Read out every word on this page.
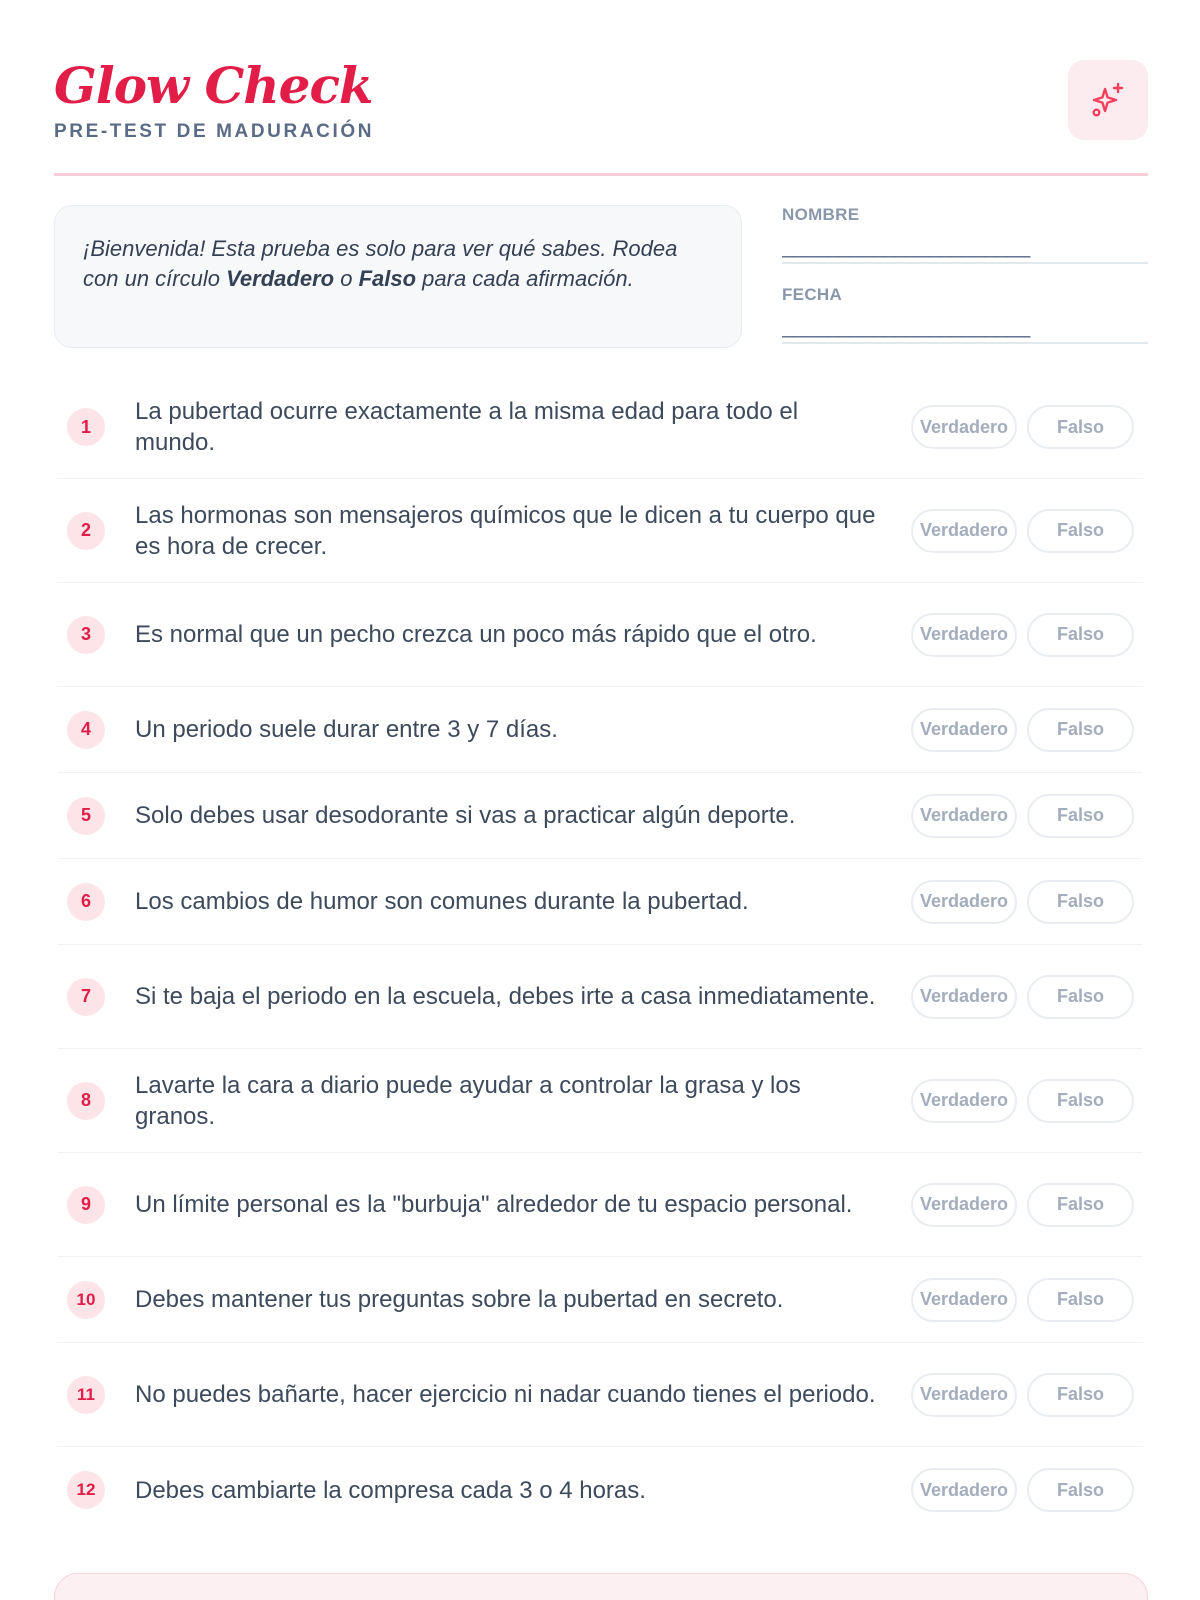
Glow Check
PRE-TEST DE MADURACIÓN
¡Bienvenida! Esta prueba es solo para ver qué sabes. Rodea con un círculo Verdadero o Falso para cada afirmación.
NOMBRE
______________________
FECHA
______________________
1
La pubertad ocurre exactamente a la misma edad para todo el mundo.
Verdadero	Falso
2
Las hormonas son mensajeros químicos que le dicen a tu cuerpo que es hora de crecer.
Verdadero	Falso
3	Es normal que un pecho crezca un poco más rápido que el otro.	Verdadero	Falso
4	Un periodo suele durar entre 3 y 7 días.	Verdadero	Falso
5	Solo debes usar desodorante si vas a practicar algún deporte.	Verdadero	Falso
6	Los cambios de humor son comunes durante la pubertad.	Verdadero	Falso
7	Si te baja el periodo en la escuela, debes irte a casa inmediatamente.	Verdadero	Falso
8
Lavarte la cara a diario puede ayudar a controlar la grasa y los granos.
Verdadero	Falso
9	Un límite personal es la "burbuja" alrededor de tu espacio personal.	Verdadero	Falso
10	Debes mantener tus preguntas sobre la pubertad en secreto.	Verdadero	Falso
11	No puedes bañarte, hacer ejercicio ni nadar cuando tienes el periodo.	Verdadero	Falso
12	Debes cambiarte la compresa cada 3 o 4 horas.	Verdadero	Falso
